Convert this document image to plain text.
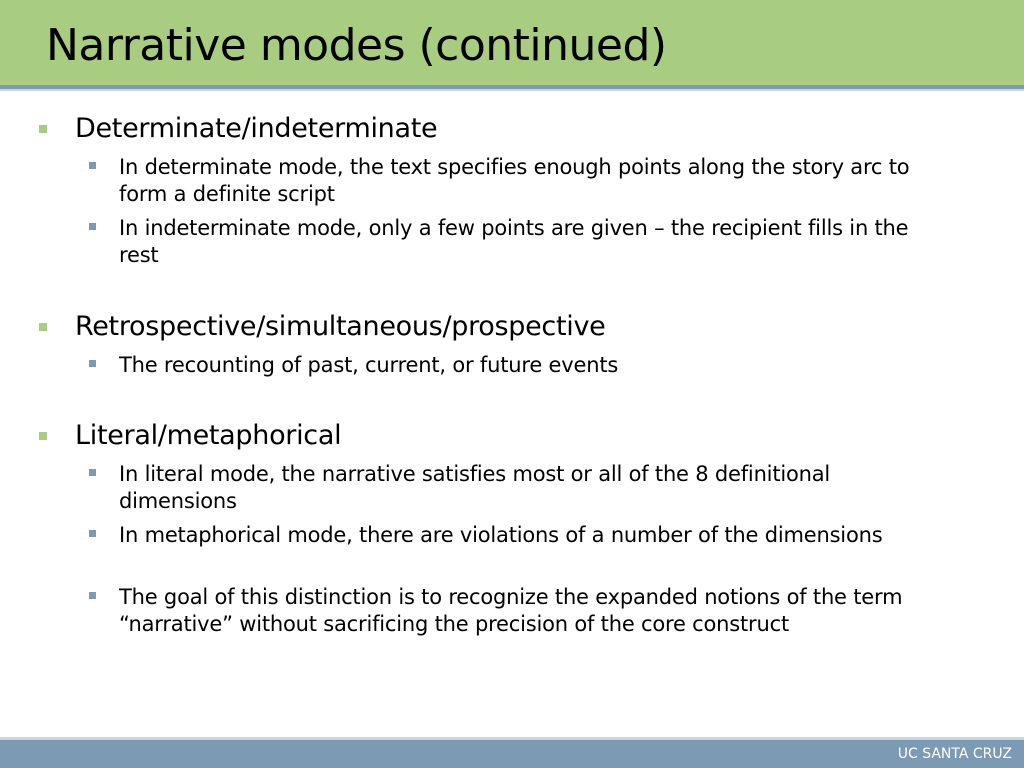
Narrative modes (continued)
Determinate/indeterminate
In determinate mode, the text specifies enough points along the story arc to form a definite script
In indeterminate mode, only a few points are given – the recipient fills in the rest
Retrospective/simultaneous/prospective
The recounting of past, current, or future events
Literal/metaphorical
In literal mode, the narrative satisfies most or all of the 8 definitional dimensions
In metaphorical mode, there are violations of a number of the dimensions
The goal of this distinction is to recognize the expanded notions of the term “narrative” without sacrificing the precision of the core construct
UC SANTA CRUZ
